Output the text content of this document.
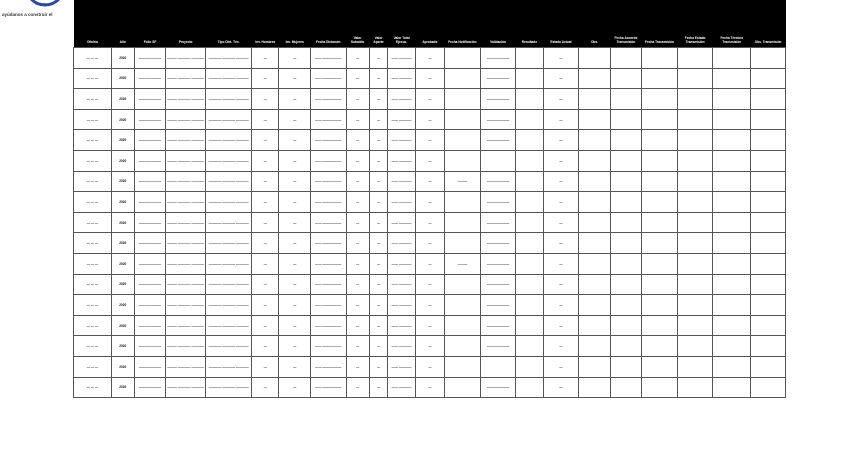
Trabajo
ayúdanos a construir el
Oficina	Año	Folio SF	Proyecto	Tipo Dict. Téc.	Inv. Hombres	Inv. Mujeres	Fecha Dictamen	Valor Subsidio	Valor Aporte	Valor Total Ejecuc.	Aprobado	Fecha Notificación	Validación	Resultado	Estado Actual	Obs.	Fecha Acuerdo Transmisión	Fecha Transmisión	Fecha Estado Transmisión	Fecha Término Transmisión	Obs. Transmisión
— — —	2020	———————	——— ———— ————	———— ———— ————	—	—	—— ——————	—	—	—— ————	—		———————		—						
— — —	2020	———————	——— ———— ————	———— ———— ————	—	—	—— ——————	—	—	—— ————	—		———————		—						
— — —	2020	———————	——— ———— ————	———— ———— ————	—	—	—— ——————	—	—	—— ————	—		———————		—						
— — —	2020	———————	——— ———— ————	———— ———— ————	—	—	—— ——————	—	—	—— ————	—		———————		—						
— — —	2020	———————	——— ———— ————	———— ———— ————	—	—	—— ——————	—	—	—— ————	—		———————		—						
— — —	2020	———————	——— ———— ————	———— ———— ————	—	—	—— ——————	—	—	—— ————	—				—						
— — —	2020	———————	——— ———— ————	———— ———— ————	—	—	—— ——————	—	—	—— ————	—	———	———————		—						
— — —	2020	———————	——— ———— ————	———— ———— ————	—	—	—— ——————	—	—	—— ————	—		———————		—						
— — —	2020	———————	——— ———— ————	———— ———— ————	—	—	—— ——————	—	—	—— ————	—		———————		—						
— — —	2020	———————	——— ———— ————	———— ———— ————	—	—	—— ——————	—	—	—— ————	—		———————		—						
— — —	2020	———————	——— ———— ————	———— ———— ————	—	—	—— ——————	—	—	—— ————	—	———	———————		—						
— — —	2020	———————	——— ———— ————	———— ———— ————	—	—	—— ——————	—	—	—— ————	—		———————		—						
— — —	2020	———————	——— ———— ————	———— ———— ————	—	—	—— ——————	—	—	—— ————	—		———————		—						
— — —	2020	———————	——— ———— ————	———— ———— ————	—	—	—— ——————	—	—	—— ————	—		———————		—						
— — —	2020	———————	——— ———— ————	———— ———— ————	—	—	—— ——————	—	—	—— ————	—		———————		—						
— — —	2020	———————	——— ———— ————	———— ———— ————	—	—	—— ——————	—	—	—— ————	—				—						
— — —	2020	———————	——— ———— ————	———— ———— ————	—	—	—— ——————	—	—	—— ————	—		———————		—						
